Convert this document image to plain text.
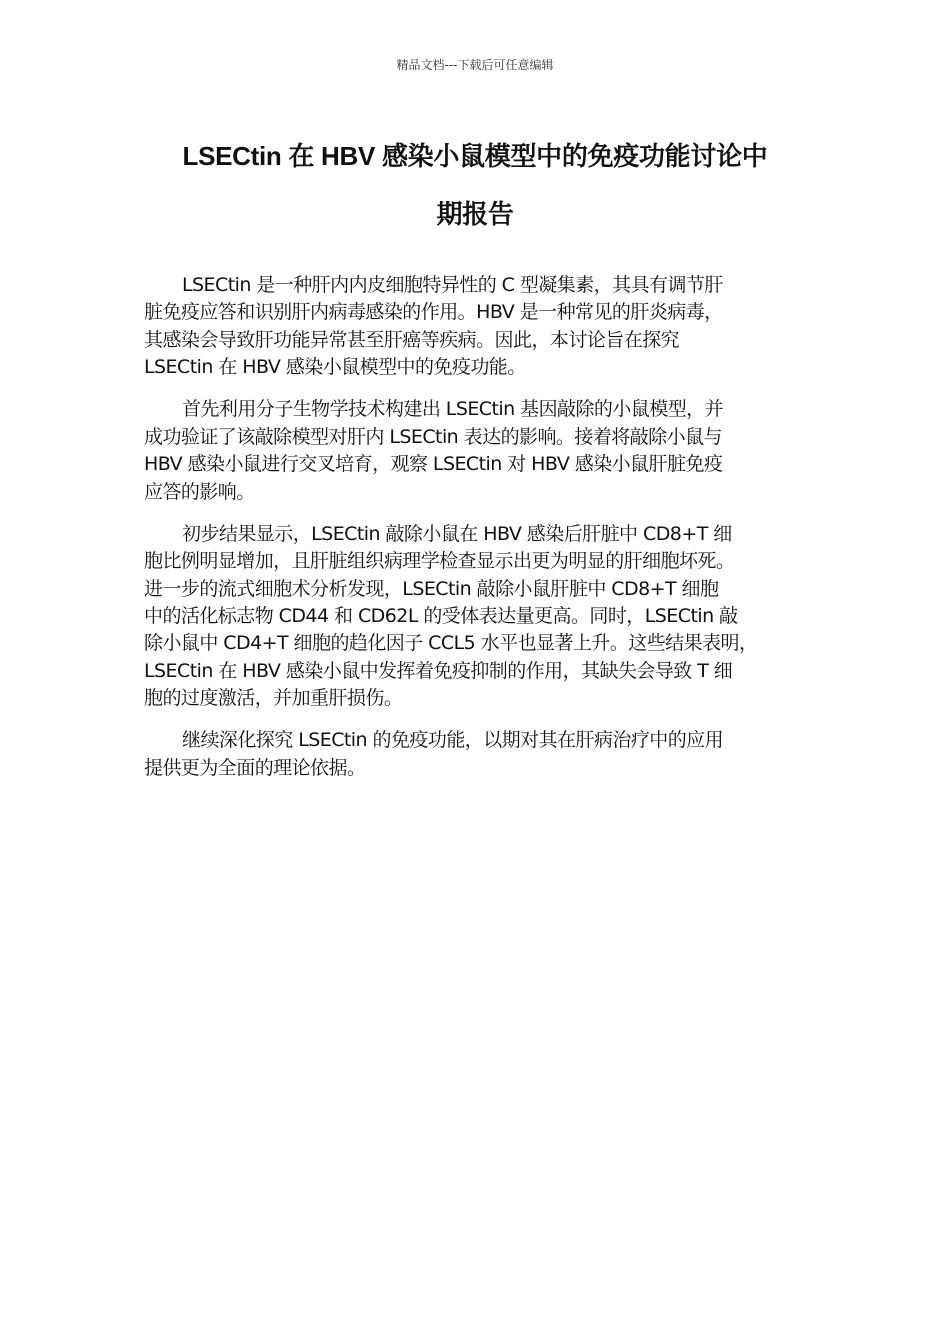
精品文档---下载后可任意编辑
LSECtin 在 HBV 感染小鼠模型中的免疫功能讨论中
期报告

LSECtin 是一种肝内内皮细胞特异性的 C 型凝集素，其具有调节肝
脏免疫应答和识别肝内病毒感染的作用。HBV 是一种常见的肝炎病毒，
其感染会导致肝功能异常甚至肝癌等疾病。因此，本讨论旨在探究
LSECtin 在 HBV 感染小鼠模型中的免疫功能。

首先利用分子生物学技术构建出 LSECtin 基因敲除的小鼠模型，并
成功验证了该敲除模型对肝内 LSECtin 表达的影响。接着将敲除小鼠与
HBV 感染小鼠进行交叉培育，观察 LSECtin 对 HBV 感染小鼠肝脏免疫
应答的影响。

初步结果显示，LSECtin 敲除小鼠在 HBV 感染后肝脏中 CD8+T 细
胞比例明显增加，且肝脏组织病理学检查显示出更为明显的肝细胞坏死。
进一步的流式细胞术分析发现，LSECtin 敲除小鼠肝脏中 CD8+T 细胞
中的活化标志物 CD44 和 CD62L 的受体表达量更高。同时，LSECtin 敲
除小鼠中 CD4+T 细胞的趋化因子 CCL5 水平也显著上升。这些结果表明，
LSECtin 在 HBV 感染小鼠中发挥着免疫抑制的作用，其缺失会导致 T 细
胞的过度激活，并加重肝损伤。

继续深化探究 LSECtin 的免疫功能，以期对其在肝病治疗中的应用
提供更为全面的理论依据。
